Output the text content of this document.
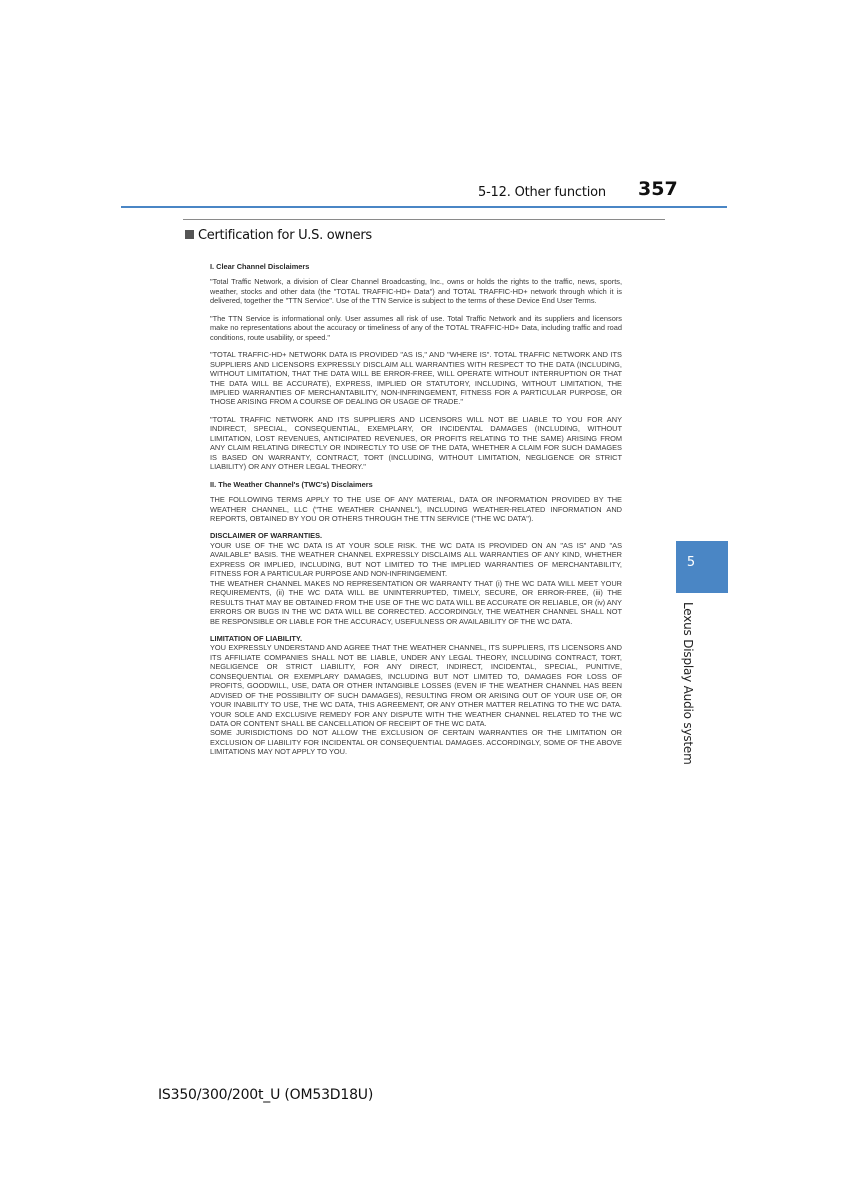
5-12. Other function 357
Certification for U.S. owners
I. Clear Channel Disclaimers

"Total Traffic Network, a division of Clear Channel Broadcasting, Inc., owns or holds the rights to the traffic, news, sports, weather, stocks and other data (the "TOTAL TRAFFIC-HD+ Data") and TOTAL TRAFFIC-HD+ network through which it is delivered, together the "TTN Service". Use of the TTN Service is subject to the terms of these Device End User Terms.

"The TTN Service is informational only. User assumes all risk of use. Total Traffic Network and its suppliers and licensors make no representations about the accuracy or timeliness of any of the TOTAL TRAFFIC-HD+ Data, including traffic and road conditions, route usability, or speed."

"TOTAL TRAFFIC-HD+ NETWORK DATA IS PROVIDED "AS IS," AND "WHERE IS". TOTAL TRAFFIC NETWORK AND ITS SUPPLIERS AND LICENSORS EXPRESSLY DISCLAIM ALL WARRANTIES WITH RESPECT TO THE DATA (INCLUDING, WITHOUT LIMITATION, THAT THE DATA WILL BE ERROR-FREE, WILL OPERATE WITHOUT INTERRUPTION OR THAT THE DATA WILL BE ACCURATE), EXPRESS, IMPLIED OR STATUTORY, INCLUDING, WITHOUT LIMITATION, THE IMPLIED WARRANTIES OF MERCHANTABILITY, NON-INFRINGEMENT, FITNESS FOR A PARTICULAR PURPOSE, OR THOSE ARISING FROM A COURSE OF DEALING OR USAGE OF TRADE."

"TOTAL TRAFFIC NETWORK AND ITS SUPPLIERS AND LICENSORS WILL NOT BE LIABLE TO YOU FOR ANY INDIRECT, SPECIAL, CONSEQUENTIAL, EXEMPLARY, OR INCIDENTAL DAMAGES (INCLUDING, WITHOUT LIMITATION, LOST REVENUES, ANTICIPATED REVENUES, OR PROFITS RELATING TO THE SAME) ARISING FROM ANY CLAIM RELATING DIRECTLY OR INDIRECTLY TO USE OF THE DATA, WHETHER A CLAIM FOR SUCH DAMAGES IS BASED ON WARRANTY, CONTRACT, TORT (INCLUDING, WITHOUT LIMITATION, NEGLIGENCE OR STRICT LIABILITY) OR ANY OTHER LEGAL THEORY."

II. The Weather Channel's (TWC's) Disclaimers

THE FOLLOWING TERMS APPLY TO THE USE OF ANY MATERIAL, DATA OR INFORMATION PROVIDED BY THE WEATHER CHANNEL, LLC ("THE WEATHER CHANNEL"), INCLUDING WEATHER-RELATED INFORMATION AND REPORTS, OBTAINED BY YOU OR OTHERS THROUGH THE TTN SERVICE ("THE WC DATA").

DISCLAIMER OF WARRANTIES.

YOUR USE OF THE WC DATA IS AT YOUR SOLE RISK. THE WC DATA IS PROVIDED ON AN "AS IS" AND "AS AVAILABLE" BASIS. THE WEATHER CHANNEL EXPRESSLY DISCLAIMS ALL WARRANTIES OF ANY KIND, WHETHER EXPRESS OR IMPLIED, INCLUDING, BUT NOT LIMITED TO THE IMPLIED WARRANTIES OF MERCHANTABILITY, FITNESS FOR A PARTICULAR PURPOSE AND NON-INFRINGEMENT.

THE WEATHER CHANNEL MAKES NO REPRESENTATION OR WARRANTY THAT (i) THE WC DATA WILL MEET YOUR REQUIREMENTS, (ii) THE WC DATA WILL BE UNINTERRUPTED, TIMELY, SECURE, OR ERROR-FREE, (iii) THE RESULTS THAT MAY BE OBTAINED FROM THE USE OF THE WC DATA WILL BE ACCURATE OR RELIABLE, OR (iv) ANY ERRORS OR BUGS IN THE WC DATA WILL BE CORRECTED. ACCORDINGLY, THE WEATHER CHANNEL SHALL NOT BE RESPONSIBLE OR LIABLE FOR THE ACCURACY, USEFULNESS OR AVAILABILITY OF THE WC DATA.

LIMITATION OF LIABILITY.

YOU EXPRESSLY UNDERSTAND AND AGREE THAT THE WEATHER CHANNEL, ITS SUPPLIERS, ITS LICENSORS AND ITS AFFILIATE COMPANIES SHALL NOT BE LIABLE, UNDER ANY LEGAL THEORY, INCLUDING CONTRACT, TORT, NEGLIGENCE OR STRICT LIABILITY, FOR ANY DIRECT, INDIRECT, INCIDENTAL, SPECIAL, PUNITIVE, CONSEQUENTIAL OR EXEMPLARY DAMAGES, INCLUDING BUT NOT LIMITED TO, DAMAGES FOR LOSS OF PROFITS, GOODWILL, USE, DATA OR OTHER INTANGIBLE LOSSES (EVEN IF THE WEATHER CHANNEL HAS BEEN ADVISED OF THE POSSIBILITY OF SUCH DAMAGES), RESULTING FROM OR ARISING OUT OF YOUR USE OF, OR YOUR INABILITY TO USE, THE WC DATA, THIS AGREEMENT, OR ANY OTHER MATTER RELATING TO THE WC DATA. YOUR SOLE AND EXCLUSIVE REMEDY FOR ANY DISPUTE WITH THE WEATHER CHANNEL RELATED TO THE WC DATA OR CONTENT SHALL BE CANCELLATION OF RECEIPT OF THE WC DATA.

SOME JURISDICTIONS DO NOT ALLOW THE EXCLUSION OF CERTAIN WARRANTIES OR THE LIMITATION OR EXCLUSION OF LIABILITY FOR INCIDENTAL OR CONSEQUENTIAL DAMAGES. ACCORDINGLY, SOME OF THE ABOVE LIMITATIONS MAY NOT APPLY TO YOU.

5
Lexus Display Audio system
IS350/300/200t_U (OM53D18U)
